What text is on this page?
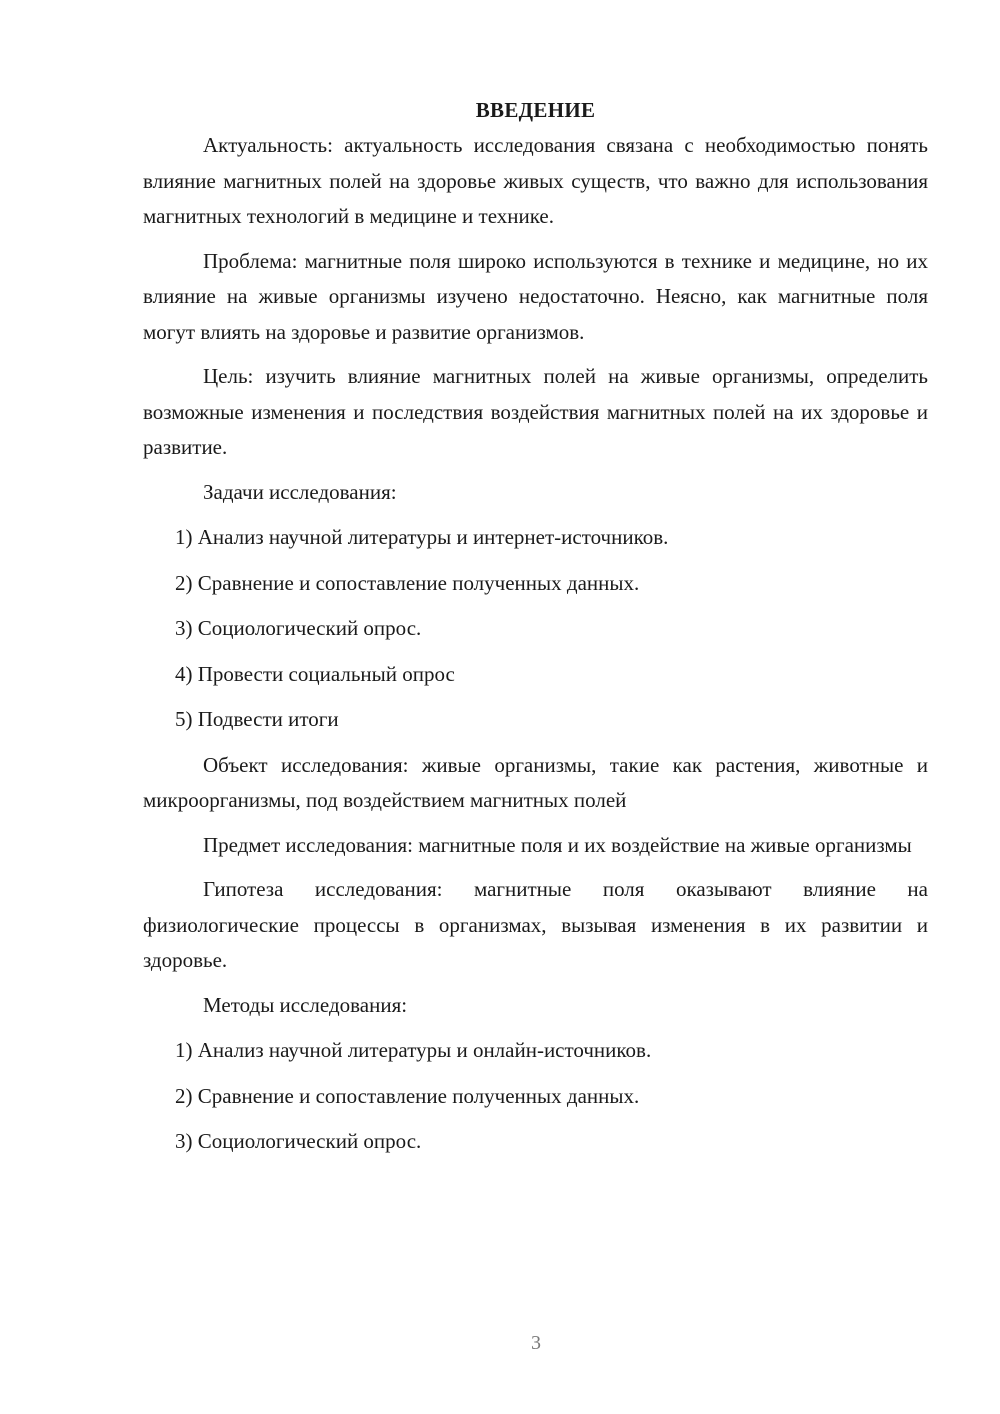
ВВЕДЕНИЕ

Актуальность: актуальность исследования связана с необходимостью понять влияние магнитных полей на здоровье живых существ, что важно для использования магнитных технологий в медицине и технике.

Проблема: магнитные поля широко используются в технике и медицине, но их влияние на живые организмы изучено недостаточно. Неясно, как магнитные поля могут влиять на здоровье и развитие организмов.

Цель: изучить влияние магнитных полей на живые организмы, определить возможные изменения и последствия воздействия магнитных полей на их здоровье и развитие.

Задачи исследования:

1) Анализ научной литературы и интернет-источников.
2) Сравнение и сопоставление полученных данных.
3) Социологический опрос.
4) Провести социальный опрос
5) Подвести итоги

Объект исследования: живые организмы, такие как растения, животные и микроорганизмы, под воздействием магнитных полей

Предмет исследования: магнитные поля и их воздействие на живые организмы

Гипотеза исследования: магнитные поля оказывают влияние на физиологические процессы в организмах, вызывая изменения в их развитии и здоровье.

Методы исследования:

1) Анализ научной литературы и онлайн-источников.
2) Сравнение и сопоставление полученных данных.
3) Социологический опрос.
3
